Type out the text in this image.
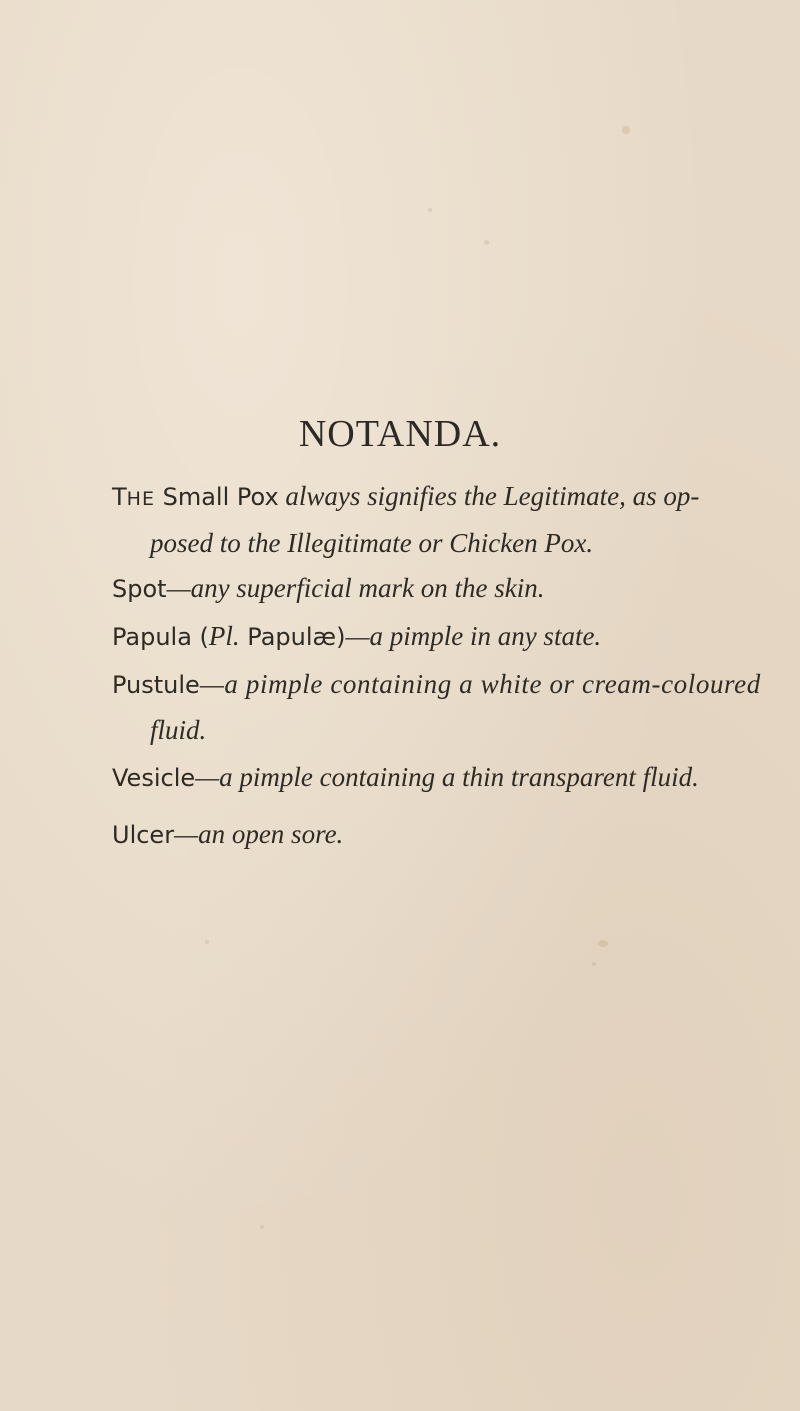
NOTANDA.
THE Small Pox always signifies the Legitimate, as op-
posed to the Illegitimate or Chicken Pox.
Spot—any superficial mark on the skin.
Papula (Pl. Papulæ)—a pimple in any state.
Pustule—a pimple containing a white or cream-coloured
fluid.
Vesicle—a pimple containing a thin transparent fluid.
Ulcer—an open sore.
